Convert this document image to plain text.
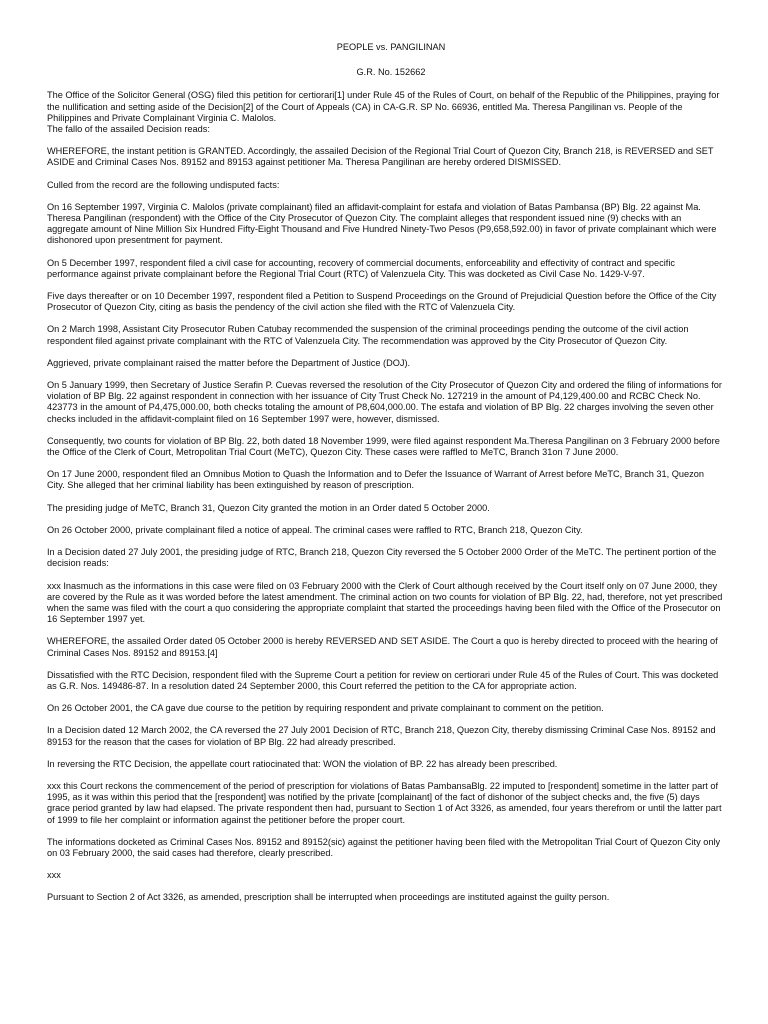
PEOPLE vs. PANGILINAN
G.R. No. 152662

The Office of the Solicitor General (OSG) filed this petition for certiorari[1] under Rule 45 of the Rules of Court, on behalf of the Republic of the Philippines, praying for the nullification and setting aside of the Decision[2] of the Court of Appeals (CA) in CA-G.R. SP No. 66936, entitled Ma. Theresa Pangilinan vs. People of the Philippines and Private Complainant Virginia C. Malolos.

The fallo of the assailed Decision reads:

WHEREFORE, the instant petition is GRANTED. Accordingly, the assailed Decision of the Regional Trial Court of Quezon City, Branch 218, is REVERSED and SET ASIDE and Criminal Cases Nos. 89152 and 89153 against petitioner Ma. Theresa Pangilinan are hereby ordered DISMISSED.

Culled from the record are the following undisputed facts:

On 16 September 1997, Virginia C. Malolos (private complainant) filed an affidavit-complaint for estafa and violation of Batas Pambansa (BP) Blg. 22 against Ma. Theresa Pangilinan (respondent) with the Office of the City Prosecutor of Quezon City. The complaint alleges that respondent issued nine (9) checks with an aggregate amount of Nine Million Six Hundred Fifty-Eight Thousand and Five Hundred Ninety-Two Pesos (P9,658,592.00) in favor of private complainant which were dishonored upon presentment for payment.

On 5 December 1997, respondent filed a civil case for accounting, recovery of commercial documents, enforceability and effectivity of contract and specific performance against private complainant before the Regional Trial Court (RTC) of Valenzuela City. This was docketed as Civil Case No. 1429-V-97.

Five days thereafter or on 10 December 1997, respondent filed a Petition to Suspend Proceedings on the Ground of Prejudicial Question before the Office of the City Prosecutor of Quezon City, citing as basis the pendency of the civil action she filed with the RTC of Valenzuela City.

On 2 March 1998, Assistant City Prosecutor Ruben Catubay recommended the suspension of the criminal proceedings pending the outcome of the civil action respondent filed against private complainant with the RTC of Valenzuela City. The recommendation was approved by the City Prosecutor of Quezon City.

Aggrieved, private complainant raised the matter before the Department of Justice (DOJ).

On 5 January 1999, then Secretary of Justice Serafin P. Cuevas reversed the resolution of the City Prosecutor of Quezon City and ordered the filing of informations for violation of BP Blg. 22 against respondent in connection with her issuance of City Trust Check No. 127219 in the amount of P4,129,400.00 and RCBC Check No. 423773 in the amount of P4,475,000.00, both checks totaling the amount of P8,604,000.00. The estafa and violation of BP Blg. 22 charges involving the seven other checks included in the affidavit-complaint filed on 16 September 1997 were, however, dismissed.

Consequently, two counts for violation of BP Blg. 22, both dated 18 November 1999, were filed against respondent Ma.Theresa Pangilinan on 3 February 2000 before the Office of the Clerk of Court, Metropolitan Trial Court (MeTC), Quezon City. These cases were raffled to MeTC, Branch 31on 7 June 2000.

On 17 June 2000, respondent filed an Omnibus Motion to Quash the Information and to Defer the Issuance of Warrant of Arrest before MeTC, Branch 31, Quezon City. She alleged that her criminal liability has been extinguished by reason of prescription.

The presiding judge of MeTC, Branch 31, Quezon City granted the motion in an Order dated 5 October 2000.

On 26 October 2000, private complainant filed a notice of appeal. The criminal cases were raffled to RTC, Branch 218, Quezon City.

In a Decision dated 27 July 2001, the presiding judge of RTC, Branch 218, Quezon City reversed the 5 October 2000 Order of the MeTC. The pertinent portion of the decision reads:

xxx Inasmuch as the informations in this case were filed on 03 February 2000 with the Clerk of Court although received by the Court itself only on 07 June 2000, they are covered by the Rule as it was worded before the latest amendment. The criminal action on two counts for violation of BP Blg. 22, had, therefore, not yet prescribed when the same was filed with the court a quo considering the appropriate complaint that started the proceedings having been filed with the Office of the Prosecutor on 16 September 1997 yet.

WHEREFORE, the assailed Order dated 05 October 2000 is hereby REVERSED AND SET ASIDE. The Court a quo is hereby directed to proceed with the hearing of Criminal Cases Nos. 89152 and 89153.[4]

Dissatisfied with the RTC Decision, respondent filed with the Supreme Court a petition for review on certiorari under Rule 45 of the Rules of Court. This was docketed as G.R. Nos. 149486-87. In a resolution dated 24 September 2000, this Court referred the petition to the CA for appropriate action.

On 26 October 2001, the CA gave due course to the petition by requiring respondent and private complainant to comment on the petition.

In a Decision dated 12 March 2002, the CA reversed the 27 July 2001 Decision of RTC, Branch 218, Quezon City, thereby dismissing Criminal Case Nos. 89152 and 89153 for the reason that the cases for violation of BP Blg. 22 had already prescribed.

In reversing the RTC Decision, the appellate court ratiocinated that: WON the violation of BP. 22 has already been prescribed.

xxx this Court reckons the commencement of the period of prescription for violations of Batas PambansaBlg. 22 imputed to [respondent] sometime in the latter part of 1995, as it was within this period that the [respondent] was notified by the private [complainant] of the fact of dishonor of the subject checks and, the five (5) days grace period granted by law had elapsed. The private respondent then had, pursuant to Section 1 of Act 3326, as amended, four years therefrom or until the latter part of 1999 to file her complaint or information against the petitioner before the proper court.

The informations docketed as Criminal Cases Nos. 89152 and 89152(sic) against the petitioner having been filed with the Metropolitan Trial Court of Quezon City only on 03 February 2000, the said cases had therefore, clearly prescribed.

xxx

Pursuant to Section 2 of Act 3326, as amended, prescription shall be interrupted when proceedings are instituted against the guilty person.
